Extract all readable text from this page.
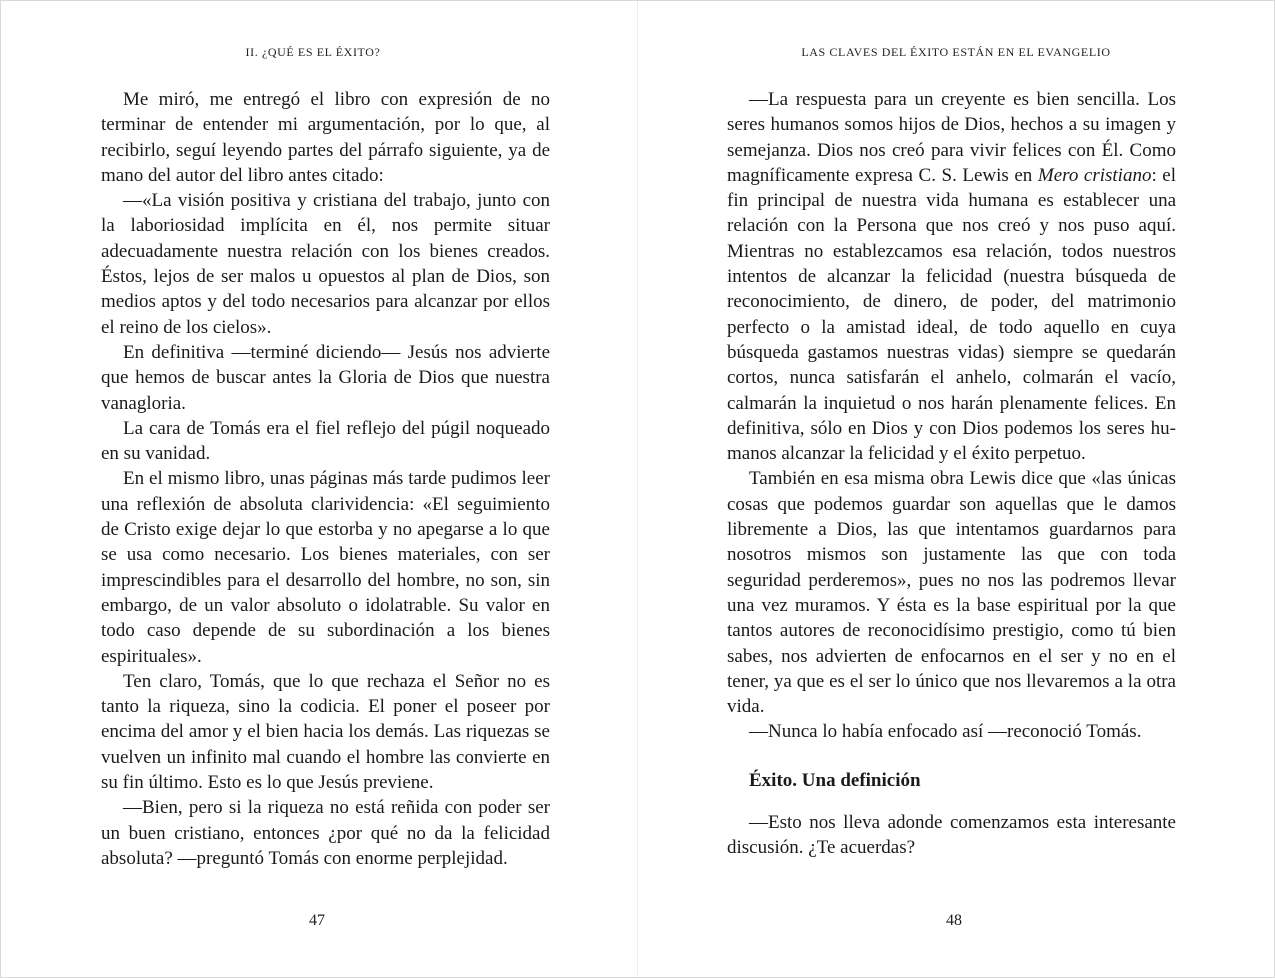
II. ¿QUÉ ES EL ÉXITO?

Me miró, me entregó el libro con expresión de no terminar de entender mi argumentación, por lo que, al recibirlo, seguí leyendo partes del párrafo siguiente, ya de mano del autor del libro antes citado:

—«La visión positiva y cristiana del trabajo, junto con la laboriosidad implícita en él, nos permite situar adecuadamente nuestra relación con los bienes creados. Éstos, lejos de ser malos u opuestos al plan de Dios, son medios aptos y del todo necesarios para alcanzar por ellos el reino de los cielos».

En definitiva —terminé diciendo— Jesús nos advierte que hemos de buscar antes la Gloria de Dios que nuestra vanagloria.

La cara de Tomás era el fiel reflejo del púgil noqueado en su vanidad.

En el mismo libro, unas páginas más tarde pudimos leer una reflexión de absoluta clarividencia: «El seguimiento de Cristo exige dejar lo que estorba y no apegarse a lo que se usa como necesario. Los bienes materiales, con ser imprescindibles para el desarrollo del hombre, no son, sin embargo, de un valor absoluto o idolatrable. Su valor en todo caso depende de su subordinación a los bienes espirituales».

Ten claro, Tomás, que lo que rechaza el Señor no es tanto la riqueza, sino la codicia. El poner el poseer por encima del amor y el bien hacia los demás. Las riquezas se vuelven un infinito mal cuando el hombre las convierte en su fin último. Esto es lo que Jesús previene.

—Bien, pero si la riqueza no está reñida con poder ser un buen cristiano, entonces ¿por qué no da la felicidad absoluta? —preguntó Tomás con enorme perplejidad.

47
LAS CLAVES DEL ÉXITO ESTÁN EN EL EVANGELIO

—La respuesta para un creyente es bien sencilla. Los seres humanos somos hijos de Dios, hechos a su imagen y semejanza. Dios nos creó para vivir felices con Él. Como magníficamente expresa C. S. Lewis en Mero cristiano: el fin principal de nuestra vida humana es establecer una relación con la Persona que nos creó y nos puso aquí. Mientras no establezcamos esa relación, todos nuestros intentos de alcanzar la felicidad (nuestra búsqueda de reconocimiento, de dinero, de poder, del matrimonio perfecto o la amistad ideal, de todo aquello en cuya búsqueda gastamos nuestras vidas) siempre se quedarán cortos, nunca satisfarán el anhelo, colmarán el vacío, calmarán la inquietud o nos harán plenamente felices. En definitiva, sólo en Dios y con Dios podemos los seres humanos alcanzar la felicidad y el éxito perpetuo.

También en esa misma obra Lewis dice que «las únicas cosas que podemos guardar son aquellas que le damos libremente a Dios, las que intentamos guardarnos para nosotros mismos son justamente las que con toda seguridad perderemos», pues no nos las podremos llevar una vez muramos. Y ésta es la base espiritual por la que tantos autores de reconocidísimo prestigio, como tú bien sabes, nos advierten de enfocarnos en el ser y no en el tener, ya que es el ser lo único que nos llevaremos a la otra vida.

—Nunca lo había enfocado así —reconoció Tomás.

Éxito. Una definición

—Esto nos lleva adonde comenzamos esta interesante discusión. ¿Te acuerdas?

48
